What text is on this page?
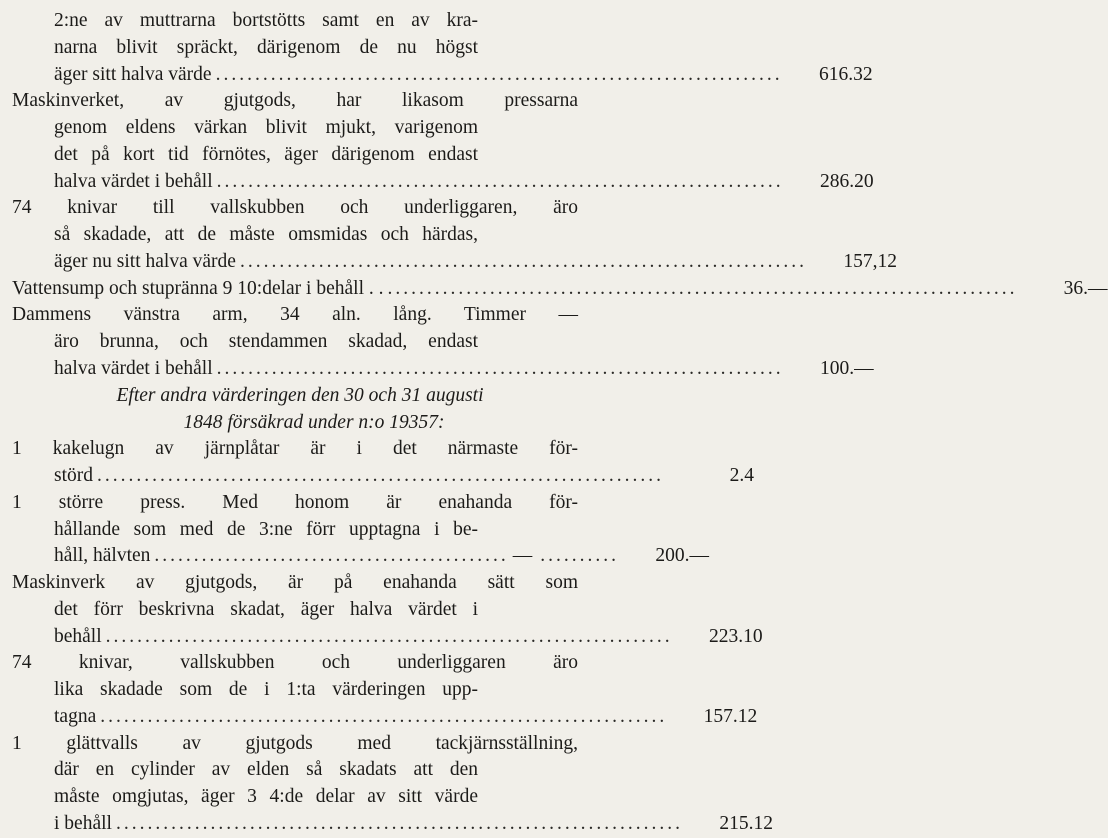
2:ne av muttrarna bortstötts samt en av kra-
narna blivit spräckt, därigenom de nu högst
äger sitt halva värde ........................................................................	616.32
Maskinverket, av gjutgods, har likasom pressarna
genom eldens värkan blivit mjukt, varigenom
det på kort tid förnötes, äger därigenom endast
halva värdet i behåll ........................................................................	286.20
74 knivar till vallskubben och underliggaren, äro
så skadade, att de måste omsmidas och härdas,
äger nu sitt halva värde ........................................................................	157,12
Vattensump och stupränna 9 10:delar i behåll . . ................................................................................	36.—
Dammens vänstra arm, 34 aln. lång. Timmer —
äro brunna, och stendammen skadad, endast
halva värdet i behåll ........................................................................	100.—
Efter andra värderingen den 30 och 31 augusti
1848 försäkrad under n:o 19357:
1 kakelugn av järnplåtar är i det närmaste för-
störd ........................................................................	2.4
1 större press. Med honom är enahanda för-
hållande som med de 3:ne förr upptagna i be-
håll, hälvten ............................................. — ..........	200.—
Maskinverk av gjutgods, är på enahanda sätt som
det förr beskrivna skadat, äger halva värdet i
behåll ........................................................................	223.10
74 knivar, vallskubben och underliggaren äro
lika skadade som de i 1:ta värderingen upp-
tagna ........................................................................	157.12
1 glättvalls av gjutgods med tackjärnsställning,
där en cylinder av elden så skadats att den
måste omgjutas, äger 3 4:de delar av sitt värde
i behåll ........................................................................	215.12
